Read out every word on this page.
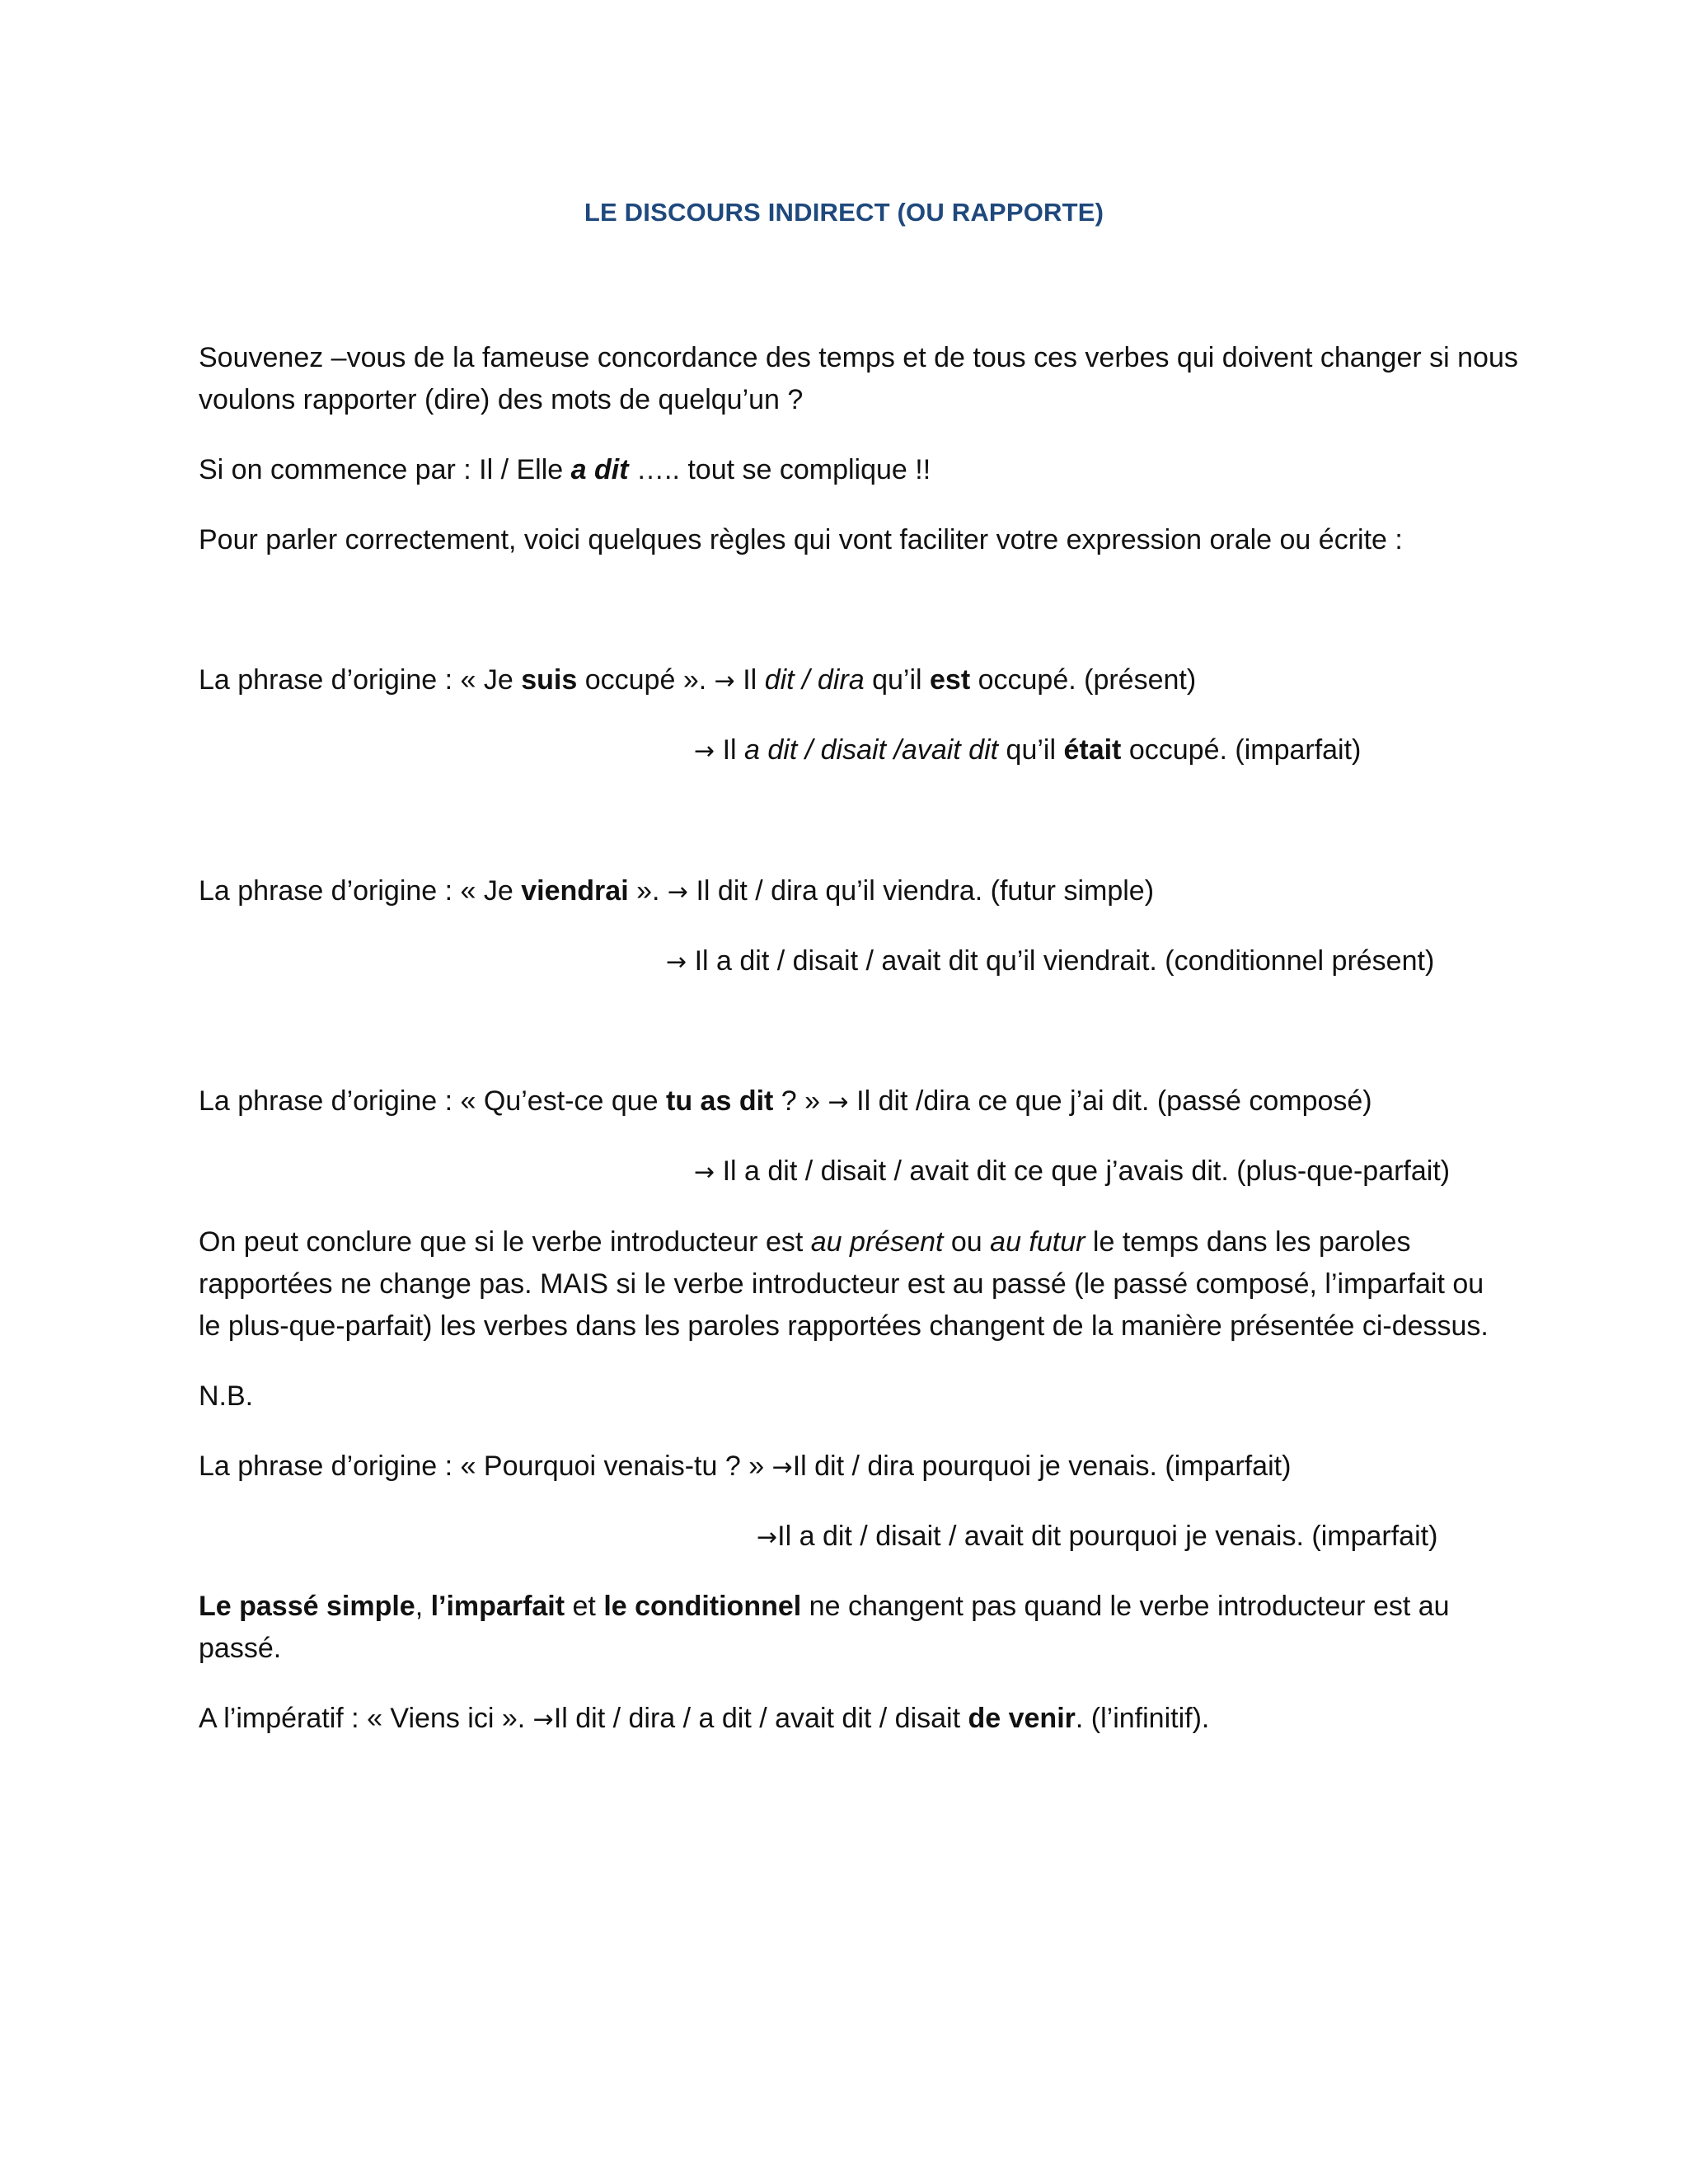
LE DISCOURS INDIRECT (OU RAPPORTE)
Souvenez –vous de la fameuse concordance des temps et de tous ces verbes qui doivent changer si nous
voulons rapporter (dire) des mots de quelqu’un ?
Si on commence par : Il / Elle a dit ….. tout se complique !!
Pour parler correctement, voici quelques règles qui vont faciliter votre expression orale ou écrite :
La phrase d’origine : « Je suis occupé ». → Il dit / dira qu’il est occupé. (présent)
→ Il a dit / disait /avait dit qu’il était occupé. (imparfait)
La phrase d’origine : « Je viendrai ». → Il dit / dira qu’il viendra. (futur simple)
→ Il a dit / disait / avait dit qu’il viendrait. (conditionnel présent)
La phrase d’origine : « Qu’est-ce que tu as dit ? » → Il dit /dira ce que j’ai dit. (passé composé)
→ Il a dit / disait / avait dit ce que j’avais dit. (plus-que-parfait)
On peut conclure que si le verbe introducteur est au présent ou au futur le temps dans les paroles
rapportées ne change pas. MAIS si le verbe introducteur est au passé (le passé composé, l’imparfait ou
le plus-que-parfait) les verbes dans les paroles rapportées changent de la manière présentée ci-dessus.
N.B.
La phrase d’origine : « Pourquoi venais-tu ? » →Il dit / dira pourquoi je venais. (imparfait)
→Il a dit / disait / avait dit pourquoi je venais. (imparfait)
Le passé simple, l’imparfait et le conditionnel ne changent pas quand le verbe introducteur est au
passé.
A l’impératif : « Viens ici ». →Il dit / dira / a dit / avait dit / disait de venir. (l’infinitif).
